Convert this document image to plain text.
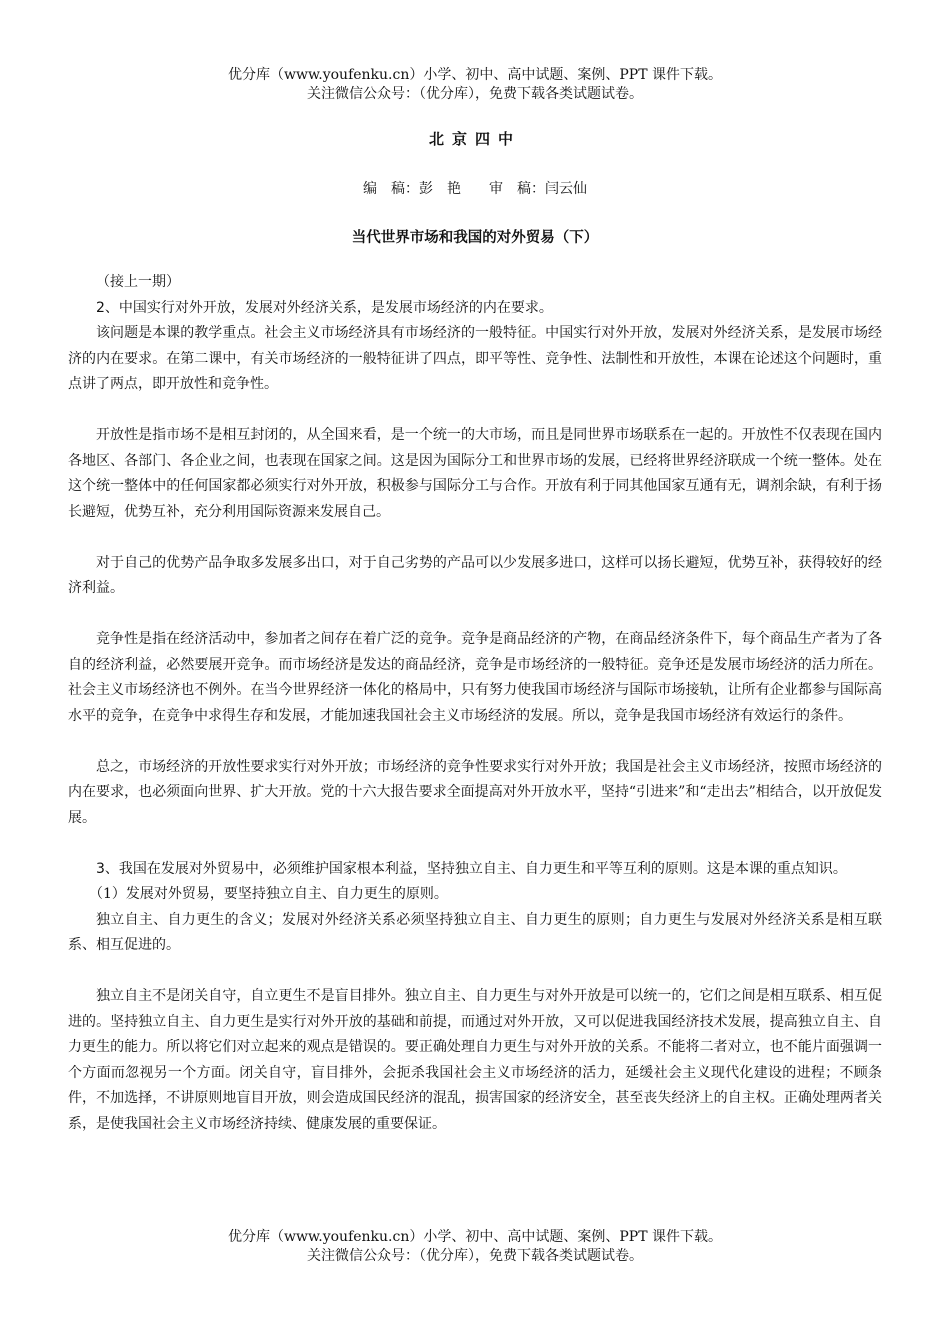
优分库（www.youfenku.cn）小学、初中、高中试题、案例、PPT 课件下载。
关注微信公众号：（优分库），免费下载各类试题试卷。
北京四中
编　稿：彭　艳　　审　稿：闫云仙
当代世界市场和我国的对外贸易（下）

（接上一期）

2、中国实行对外开放，发展对外经济关系，是发展市场经济的内在要求。

该问题是本课的教学重点。社会主义市场经济具有市场经济的一般特征。中国实行对外开放，发展对外经济关系，是发展市场经济的内在要求。在第二课中，有关市场经济的一般特征讲了四点，即平等性、竞争性、法制性和开放性，本课在论述这个问题时，重点讲了两点，即开放性和竞争性。

开放性是指市场不是相互封闭的，从全国来看，是一个统一的大市场，而且是同世界市场联系在一起的。开放性不仅表现在国内各地区、各部门、各企业之间，也表现在国家之间。这是因为国际分工和世界市场的发展，已经将世界经济联成一个统一整体。处在这个统一整体中的任何国家都必须实行对外开放，积极参与国际分工与合作。开放有利于同其他国家互通有无，调剂余缺，有利于扬长避短，优势互补，充分利用国际资源来发展自己。

对于自己的优势产品争取多发展多出口，对于自己劣势的产品可以少发展多进口，这样可以扬长避短，优势互补，获得较好的经济利益。

竞争性是指在经济活动中，参加者之间存在着广泛的竞争。竞争是商品经济的产物，在商品经济条件下，每个商品生产者为了各自的经济利益，必然要展开竞争。而市场经济是发达的商品经济，竞争是市场经济的一般特征。竞争还是发展市场经济的活力所在。社会主义市场经济也不例外。在当今世界经济一体化的格局中，只有努力使我国市场经济与国际市场接轨，让所有企业都参与国际高水平的竞争，在竞争中求得生存和发展，才能加速我国社会主义市场经济的发展。所以，竞争是我国市场经济有效运行的条件。

总之，市场经济的开放性要求实行对外开放；市场经济的竞争性要求实行对外开放；我国是社会主义市场经济，按照市场经济的内在要求，也必须面向世界、扩大开放。党的十六大报告要求全面提高对外开放水平，坚持“引进来”和“走出去”相结合，以开放促发展。

3、我国在发展对外贸易中，必须维护国家根本利益，坚持独立自主、自力更生和平等互利的原则。这是本课的重点知识。

（1）发展对外贸易，要坚持独立自主、自力更生的原则。

独立自主、自力更生的含义；发展对外经济关系必须坚持独立自主、自力更生的原则；自力更生与发展对外经济关系是相互联系、相互促进的。

独立自主不是闭关自守，自立更生不是盲目排外。独立自主、自力更生与对外开放是可以统一的，它们之间是相互联系、相互促进的。坚持独立自主、自力更生是实行对外开放的基础和前提，而通过对外开放，又可以促进我国经济技术发展，提高独立自主、自力更生的能力。所以将它们对立起来的观点是错误的。要正确处理自力更生与对外开放的关系。不能将二者对立，也不能片面强调一个方面而忽视另一个方面。闭关自守，盲目排外，会扼杀我国社会主义市场经济的活力，延缓社会主义现代化建设的进程；不顾条件，不加选择，不讲原则地盲目开放，则会造成国民经济的混乱，损害国家的经济安全，甚至丧失经济上的自主权。正确处理两者关系，是使我国社会主义市场经济持续、健康发展的重要保证。

优分库（www.youfenku.cn）小学、初中、高中试题、案例、PPT 课件下载。
关注微信公众号：（优分库），免费下载各类试题试卷。
